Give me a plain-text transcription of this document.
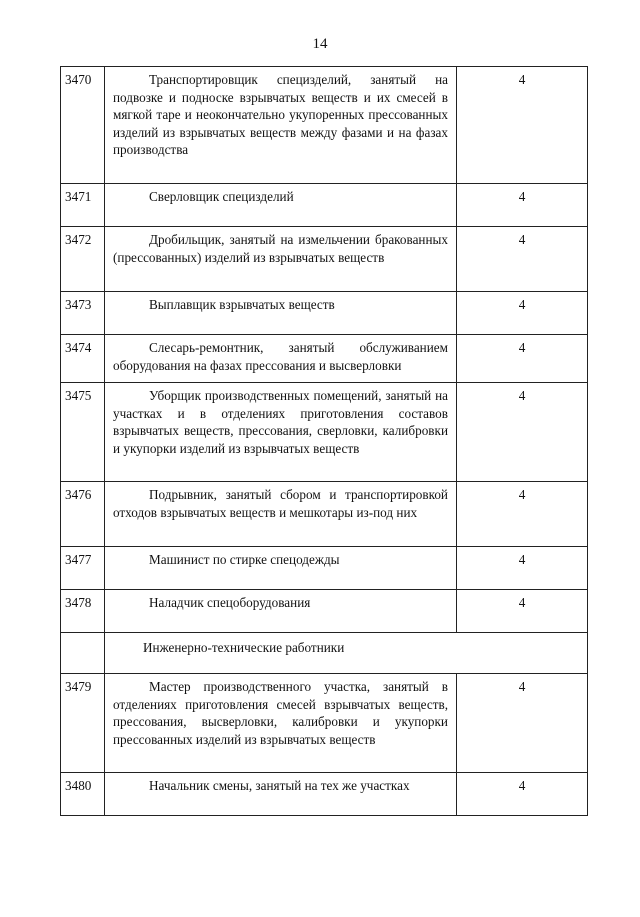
14
3470	Транспортировщик специзделий, занятый на подвозке и подноске взрывчатых веществ и их смесей в мягкой таре и неокончательно укупоренных прессованных изделий из взрывчатых веществ между фазами и на фазах производства	4
3471	Сверловщик специзделий	4
3472	Дробильщик, занятый на измельчении бракованных (прессованных) изделий из взрывчатых веществ	4
3473	Выплавщик взрывчатых веществ	4
3474	Слесарь-ремонтник, занятый обслуживанием оборудования на фазах прессования и высверловки	4
3475	Уборщик производственных помещений, занятый на участках и в отделениях приготовления составов взрывчатых веществ, прессования, сверловки, калибровки и укупорки изделий из взрывчатых веществ	4
3476	Подрывник, занятый сбором и транспортировкой отходов взрывчатых веществ и мешкотары из-под них	4
3477	Машинист по стирке спецодежды	4
3478	Наладчик спецоборудования	4
	Инженерно-технические работники	
3479	Мастер производственного участка, занятый в отделениях приготовления смесей взрывчатых веществ, прессования, высверловки, калибровки и укупорки прессованных изделий из взрывчатых веществ	4
3480	Начальник смены, занятый на тех же участках	4
